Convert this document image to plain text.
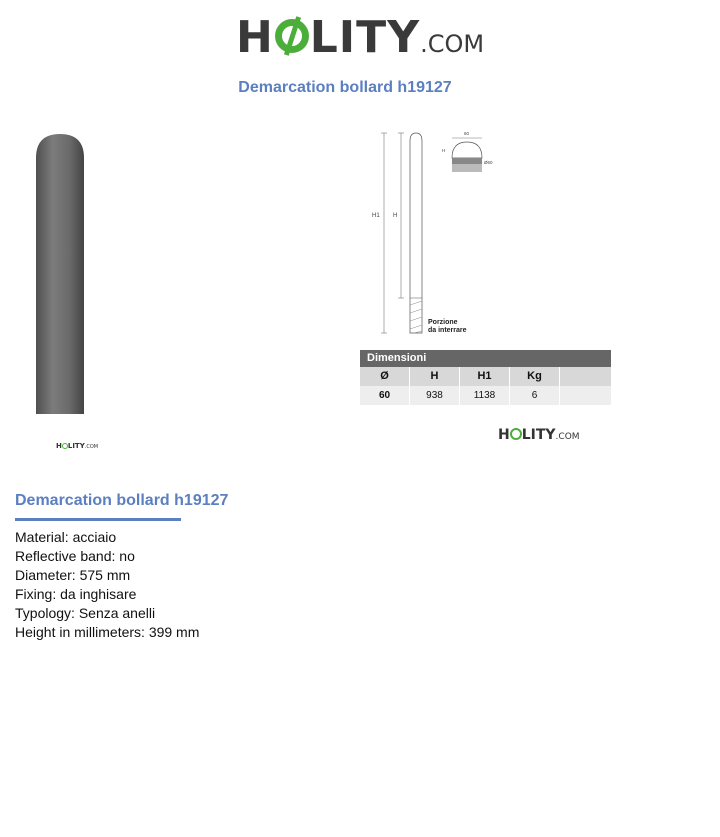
H LITY.COM
Demarcation bollard h19127
H LITY.COM
H1 H
Porzione
da interrare
60
H
Ø60
Dimensioni
Ø	H	H1	Kg
60	938	1138	6
H LITY.COM
Demarcation bollard h19127
Material: acciaio
Reflective band: no
Diameter: 575 mm
Fixing: da inghisare
Typology: Senza anelli
Height in millimeters: 399 mm
